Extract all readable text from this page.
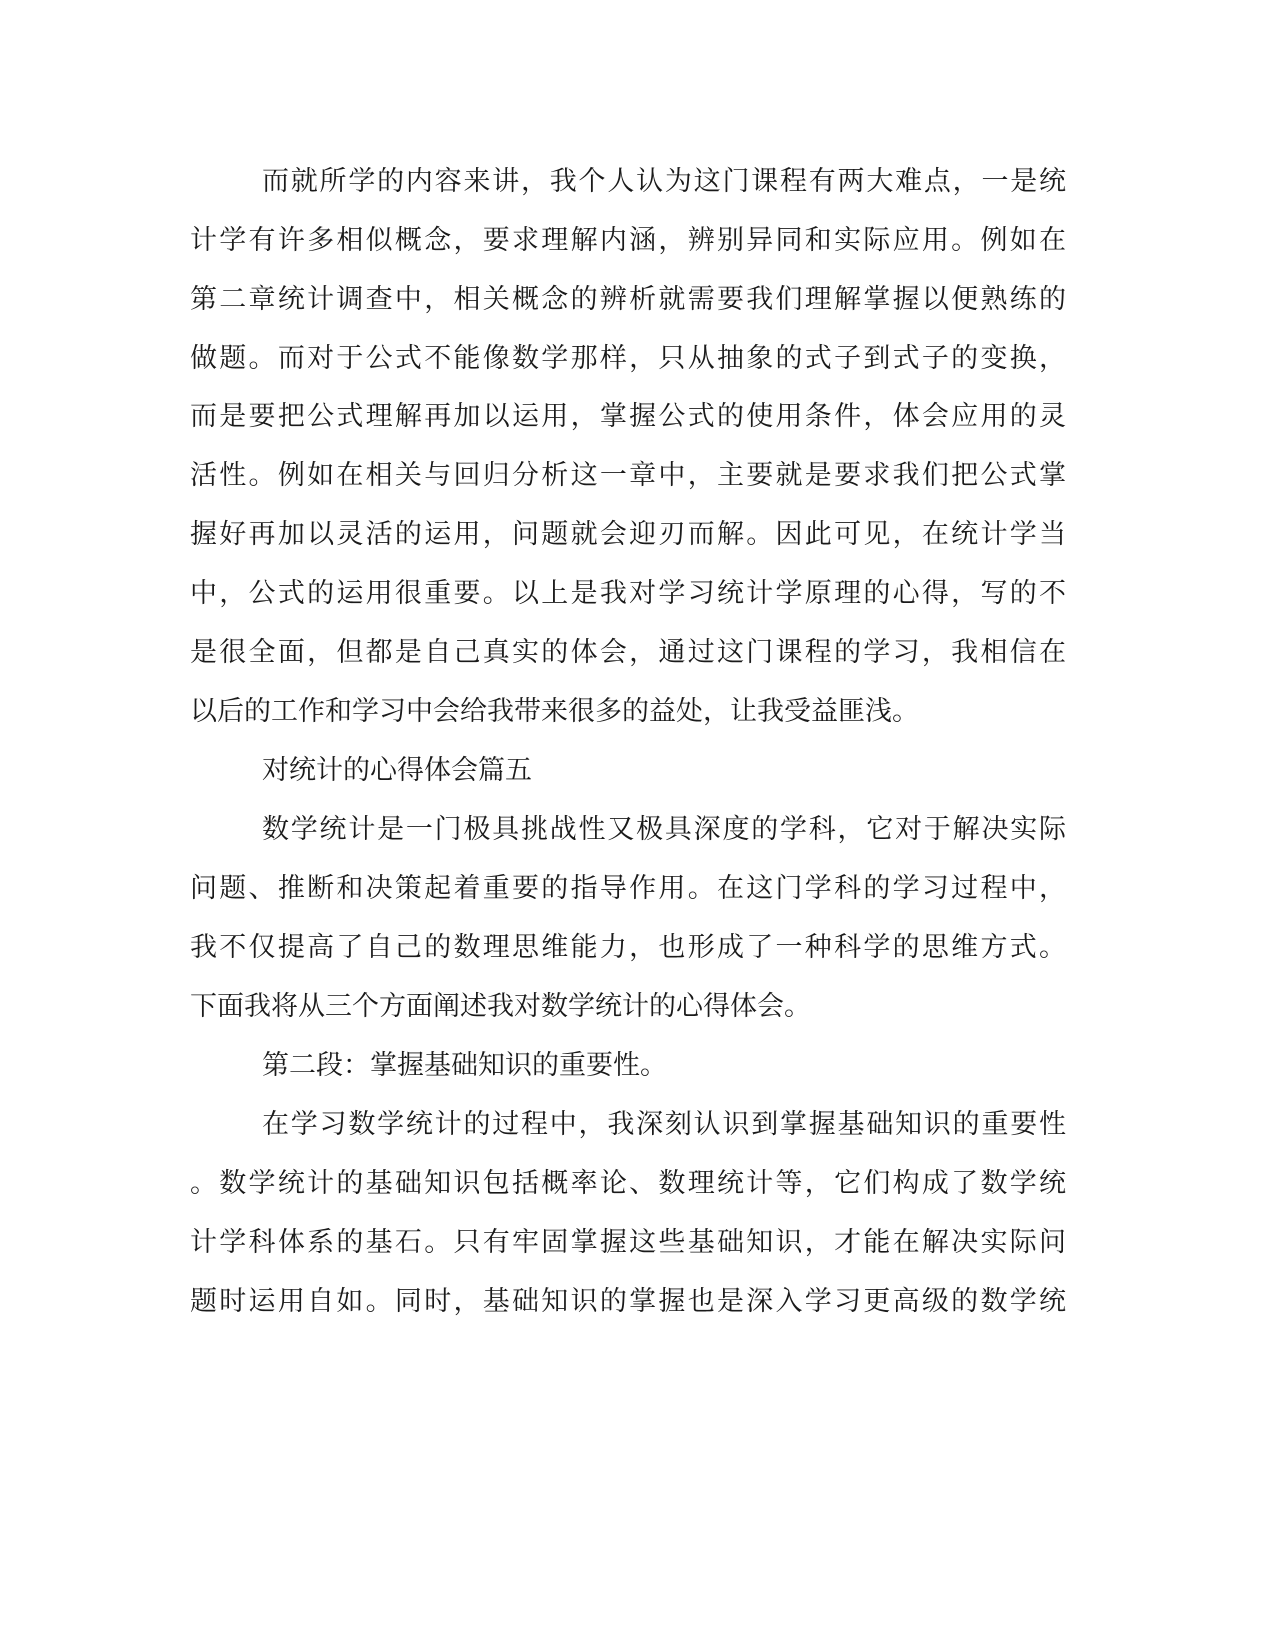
而就所学的内容来讲，我个人认为这门课程有两大难点，一是统
计学有许多相似概念，要求理解内涵，辨别异同和实际应用。例如在
第二章统计调查中，相关概念的辨析就需要我们理解掌握以便熟练的
做题。而对于公式不能像数学那样，只从抽象的式子到式子的变换，
而是要把公式理解再加以运用，掌握公式的使用条件，体会应用的灵
活性。例如在相关与回归分析这一章中，主要就是要求我们把公式掌
握好再加以灵活的运用，问题就会迎刃而解。因此可见，在统计学当
中，公式的运用很重要。以上是我对学习统计学原理的心得，写的不
是很全面，但都是自己真实的体会，通过这门课程的学习，我相信在
以后的工作和学习中会给我带来很多的益处，让我受益匪浅。
对统计的心得体会篇五
数学统计是一门极具挑战性又极具深度的学科，它对于解决实际
问题、推断和决策起着重要的指导作用。在这门学科的学习过程中，
我不仅提高了自己的数理思维能力，也形成了一种科学的思维方式。
下面我将从三个方面阐述我对数学统计的心得体会。
第二段：掌握基础知识的重要性。
在学习数学统计的过程中，我深刻认识到掌握基础知识的重要性
。数学统计的基础知识包括概率论、数理统计等，它们构成了数学统
计学科体系的基石。只有牢固掌握这些基础知识，才能在解决实际问
题时运用自如。同时，基础知识的掌握也是深入学习更高级的数学统
